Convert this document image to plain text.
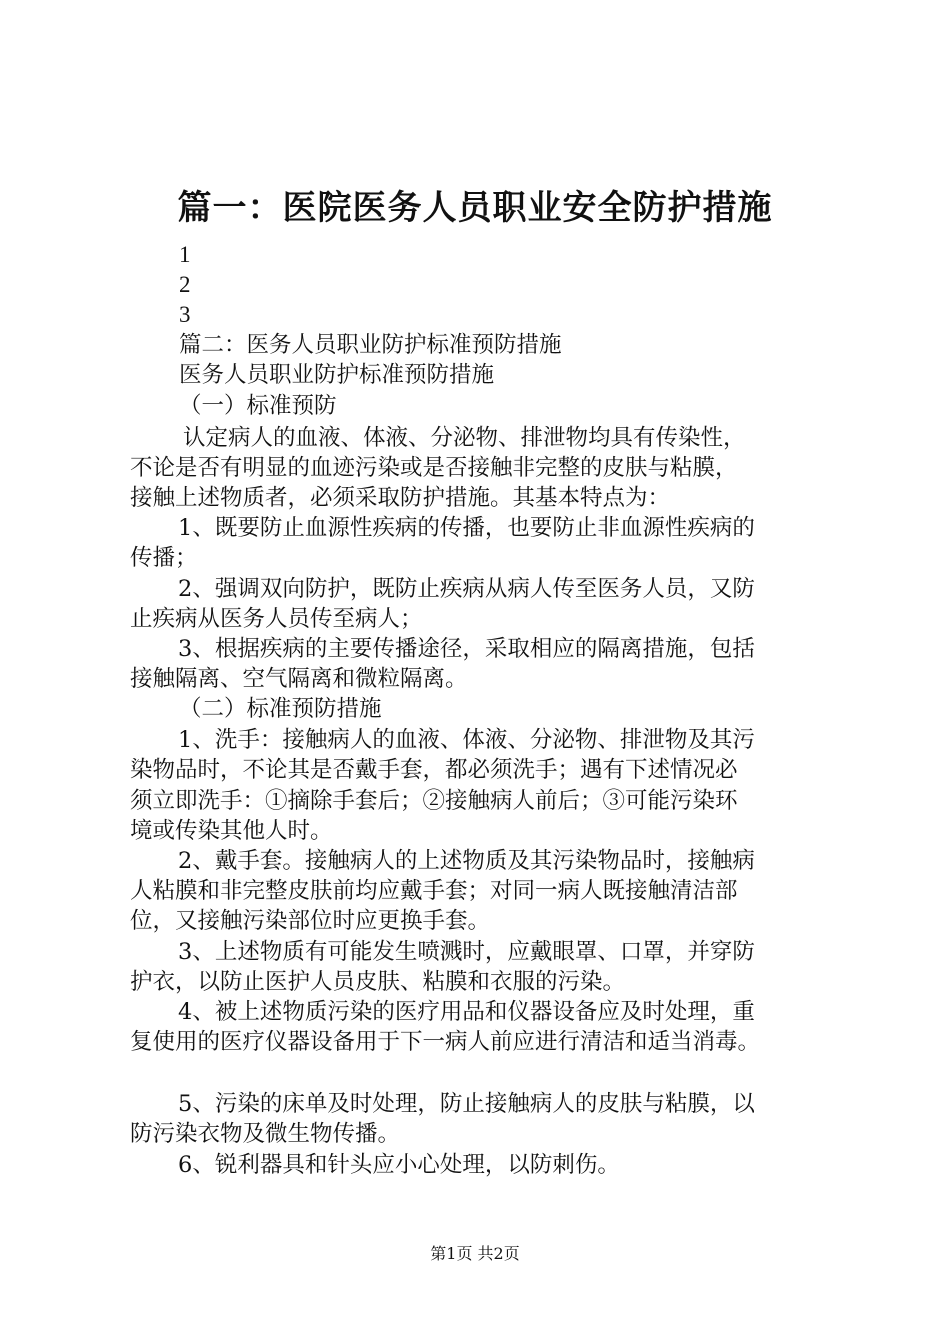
篇一：医院医务人员职业安全防护措施
1
2
3
篇二：医务人员职业防护标准预防措施
医务人员职业防护标准预防措施
（一）标准预防
认定病人的血液、体液、分泌物、排泄物均具有传染性，
不论是否有明显的血迹污染或是否接触非完整的皮肤与粘膜，
接触上述物质者，必须采取防护措施。其基本特点为：
1、既要防止血源性疾病的传播，也要防止非血源性疾病的
传播；
2、强调双向防护，既防止疾病从病人传至医务人员，又防
止疾病从医务人员传至病人；
3、根据疾病的主要传播途径，采取相应的隔离措施，包括
接触隔离、空气隔离和微粒隔离。
（二）标准预防措施
1、洗手：接触病人的血液、体液、分泌物、排泄物及其污
染物品时，不论其是否戴手套，都必须洗手；遇有下述情况必
须立即洗手：①摘除手套后；②接触病人前后；③可能污染环
境或传染其他人时。
2、戴手套。接触病人的上述物质及其污染物品时，接触病
人粘膜和非完整皮肤前均应戴手套；对同一病人既接触清洁部
位，又接触污染部位时应更换手套。
3、上述物质有可能发生喷溅时，应戴眼罩、口罩，并穿防
护衣，以防止医护人员皮肤、粘膜和衣服的污染。
4、被上述物质污染的医疗用品和仪器设备应及时处理，重
复使用的医疗仪器设备用于下一病人前应进行清洁和适当消毒。
5、污染的床单及时处理，防止接触病人的皮肤与粘膜，以
防污染衣物及微生物传播。
6、锐利器具和针头应小心处理，以防刺伤。
第1页 共2页
